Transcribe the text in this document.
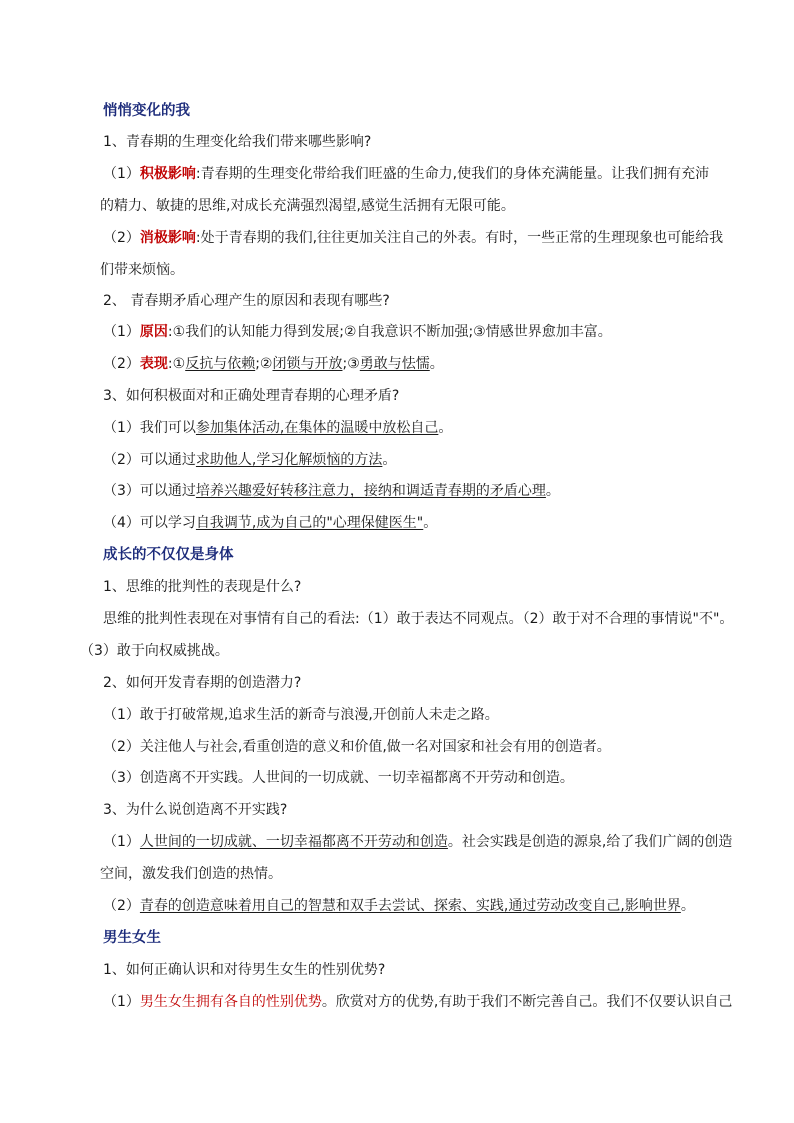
悄悄变化的我
1、青春期的生理变化给我们带来哪些影响?
（1）积极影响:青春期的生理变化带给我们旺盛的生命力,使我们的身体充满能量。让我们拥有充沛
的精力、敏捷的思维,对成长充满强烈渴望,感觉生活拥有无限可能。
（2）消极影响:处于青春期的我们,往往更加关注自己的外表。有时，一些正常的生理现象也可能给我
们带来烦恼。
2、 青春期矛盾心理产生的原因和表现有哪些?
（1）原因:①我们的认知能力得到发展;②自我意识不断加强;③情感世界愈加丰富。
（2）表现:①反抗与依赖;②闭锁与开放;③勇敢与怯懦。
3、如何积极面对和正确处理青春期的心理矛盾?
（1）我们可以参加集体活动,在集体的温暖中放松自己。
（2）可以通过求助他人,学习化解烦恼的方法。
（3）可以通过培养兴趣爱好转移注意力，接纳和调适青春期的矛盾心理。
（4）可以学习自我调节,成为自己的"心理保健医生"。
成长的不仅仅是身体
1、思维的批判性的表现是什么?
思维的批判性表现在对事情有自己的看法:（1）敢于表达不同观点。（2）敢于对不合理的事情说"不"。
（3）敢于向权威挑战。
2、如何开发青春期的创造潜力?
（1）敢于打破常规,追求生活的新奇与浪漫,开创前人未走之路。
（2）关注他人与社会,看重创造的意义和价值,做一名对国家和社会有用的创造者。
（3）创造离不开实践。人世间的一切成就、一切幸福都离不开劳动和创造。
3、为什么说创造离不开实践?
（1）人世间的一切成就、一切幸福都离不开劳动和创造。社会实践是创造的源泉,给了我们广阔的创造
空间，激发我们创造的热情。
（2）青春的创造意味着用自己的智慧和双手去尝试、探索、实践,通过劳动改变自己,影响世界。
男生女生
1、如何正确认识和对待男生女生的性别优势?
（1）男生女生拥有各自的性别优势。欣赏对方的优势,有助于我们不断完善自己。我们不仅要认识自己
